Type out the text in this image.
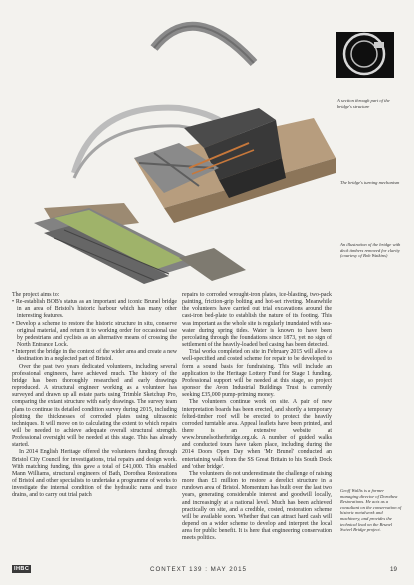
A section through part of the bridge's structure

The bridge's turning mechanism

An illustration of the bridge with deck timbers removed for clarity (courtesy of Bob Watkins)

The project aims to:

• Re-establish BOB's status as an important and iconic Brunel bridge in an area of Bristol's historic harbour which has many other interesting features.
• Develop a scheme to restore the historic structure in situ, conserve original material, and return it to working order for occasional use by pedestrians and cyclists as an alternative means of crossing the North Entrance Lock.
• Interpret the bridge in the context of the wider area and create a new destination in a neglected part of Bristol.

Over the past two years dedicated volunteers, including several professional engineers, have achieved much. The history of the bridge has been thoroughly researched and early drawings reproduced. A structural engineer working as a volunteer has surveyed and drawn up all estate parts using Trimble Sketchup Pro, comparing the extant structure with early drawings. The survey team plans to continue its detailed condition survey during 2015, including plotting the thicknesses of corroded plates using ultrasonic techniques. It will move on to calculating the extent to which repairs will be needed to achieve adequate overall structural strength. Professional oversight will be needed at this stage. This has already started.

In 2014 English Heritage offered the volunteers funding through Bristol City Council for investigations, trial repairs and design work. With matching funding, this gave a total of £41,000. This enabled Mann Williams, structural engineers of Bath, Dorothea Restorations of Bristol and other specialists to undertake a programme of works to investigate the internal condition of the hydraulic rams and trace drains, and to carry out trial patch

repairs to corroded wrought-iron plates, ice-blasting, two-pack painting, friction-grip bolting and hot-set riveting. Meanwhile the volunteers have carried out trial excavations around the cast-iron bed-plate to establish the nature of its footing. This was important as the whole site is regularly inundated with sea-water during spring tides. Water is known to have been percolating through the foundations since 1873, yet no sign of settlement of the heavily-loaded bed casing has been detected.

Trial works completed on site in February 2015 will allow a well-specified and costed scheme for repair to be developed to form a sound basis for fundraising. This will include an application to the Heritage Lottery Fund for Stage 1 funding. Professional support will be needed at this stage, so project sponsor the Avon Industrial Buildings Trust is currently seeking £35,000 pump-priming money.

The volunteers continue work on site. A pair of new interpretation boards has been erected, and shortly a temporary felted-timber roof will be erected to protect the heavily corroded turntable area. Appeal leaflets have been printed, and there is an extensive website at www.brunelsotherbridge.org.uk. A number of guided walks and conducted tours have taken place, including during the 2014 Doors Open Day when 'Mr Brunel' conducted an entertaining walk from the SS Great Britain to his South Dock and 'other bridge'.

The volunteers do not underestimate the challenge of raising more than £1 million to restore a derelict structure in a rundown area of Bristol. Momentum has built over the last two years, generating considerable interest and goodwill locally, and increasingly at a national level. Much has been achieved practically on site, and a credible, costed, restoration scheme will be available soon. Whether that can attract hard cash will depend on a wider scheme to develop and interpret the local area for public benefit. It is here that engineering conservation meets politics.

Geoff Wallis is a former managing director of Dorothea Restorations. He acts as a consultant on the conservation of historic metalwork and machinery, and provides the technical lead on the Brunel Swivel Bridge project.

IHBC	CONTEXT 139 : MAY 2015	19
